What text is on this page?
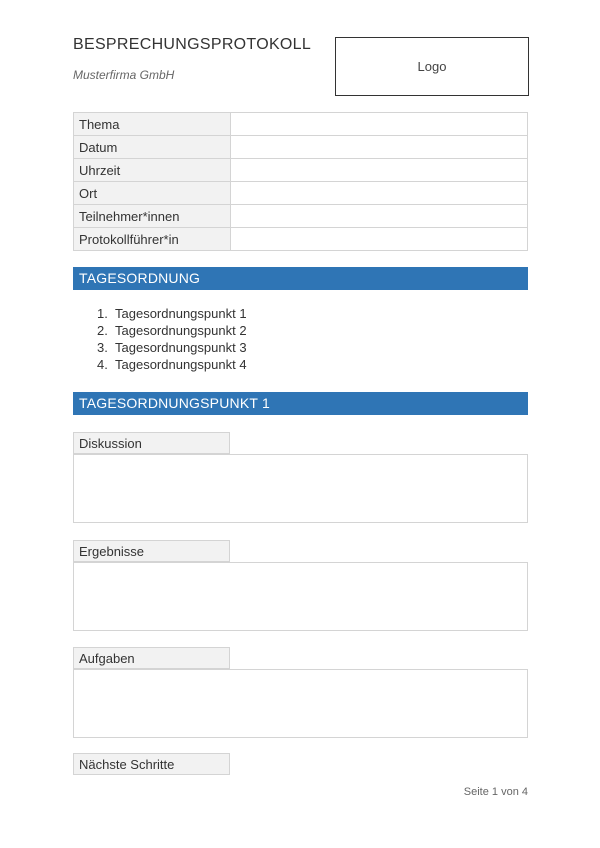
BESPRECHUNGSPROTOKOLL
Musterfirma GmbH
Logo
Thema	
Datum	
Uhrzeit	
Ort	
Teilnehmer*innen	
Protokollführer*in	
TAGESORDNUNG
1. Tagesordnungspunkt 1
2. Tagesordnungspunkt 2
3. Tagesordnungspunkt 3
4. Tagesordnungspunkt 4
TAGESORDNUNGSPUNKT 1
Diskussion
Ergebnisse
Aufgaben
Nächste Schritte
Seite 1 von 4
